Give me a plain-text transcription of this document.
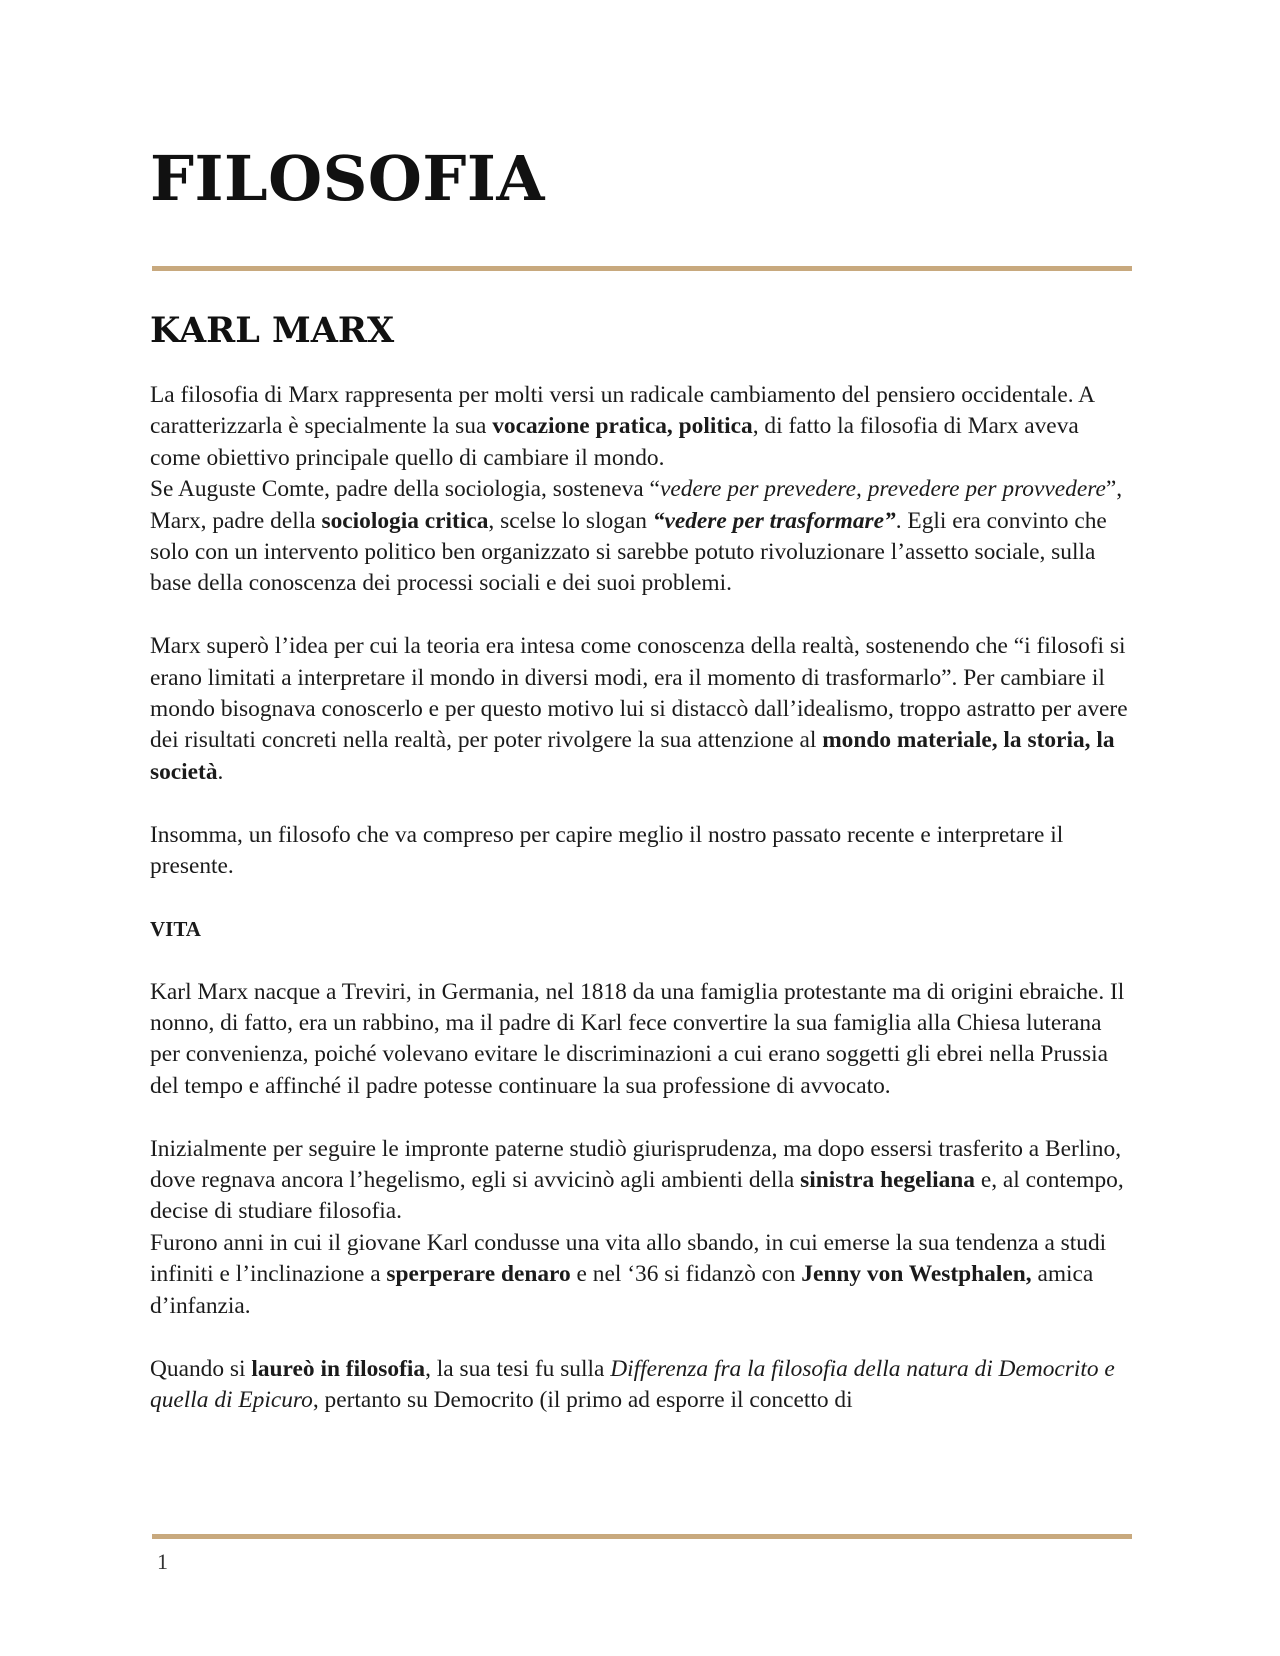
FILOSOFIA
KARL MARX

La filosofia di Marx rappresenta per molti versi un radicale cambiamento del pensiero occidentale. A caratterizzarla è specialmente la sua vocazione pratica, politica, di fatto la filosofia di Marx aveva come obiettivo principale quello di cambiare il mondo.

Se Auguste Comte, padre della sociologia, sosteneva “vedere per prevedere, prevedere per provvedere”, Marx, padre della sociologia critica, scelse lo slogan “vedere per trasformare”. Egli era convinto che solo con un intervento politico ben organizzato si sarebbe potuto rivoluzionare l’assetto sociale, sulla base della conoscenza dei processi sociali e dei suoi problemi.

Marx superò l’idea per cui la teoria era intesa come conoscenza della realtà, sostenendo che “i filosofi si erano limitati a interpretare il mondo in diversi modi, era il momento di trasformarlo”. Per cambiare il mondo bisognava conoscerlo e per questo motivo lui si distaccò dall’idealismo, troppo astratto per avere dei risultati concreti nella realtà, per poter rivolgere la sua attenzione al mondo materiale, la storia, la società.

Insomma, un filosofo che va compreso per capire meglio il nostro passato recente e interpretare il presente.

VITA

Karl Marx nacque a Treviri, in Germania, nel 1818 da una famiglia protestante ma di origini ebraiche. Il nonno, di fatto, era un rabbino, ma il padre di Karl fece convertire la sua famiglia alla Chiesa luterana per convenienza, poiché volevano evitare le discriminazioni a cui erano soggetti gli ebrei nella Prussia del tempo e affinché il padre potesse continuare la sua professione di avvocato.

Inizialmente per seguire le impronte paterne studiò giurisprudenza, ma dopo essersi trasferito a Berlino, dove regnava ancora l’hegelismo, egli si avvicinò agli ambienti della sinistra hegeliana e, al contempo, decise di studiare filosofia.

Furono anni in cui il giovane Karl condusse una vita allo sbando, in cui emerse la sua tendenza a studi infiniti e l’inclinazione a sperperare denaro e nel ‘36 si fidanzò con Jenny von Westphalen, amica d’infanzia.

Quando si laureò in filosofia, la sua tesi fu sulla Differenza fra la filosofia della natura di Democrito e quella di Epicuro, pertanto su Democrito (il primo ad esporre il concetto di

1
